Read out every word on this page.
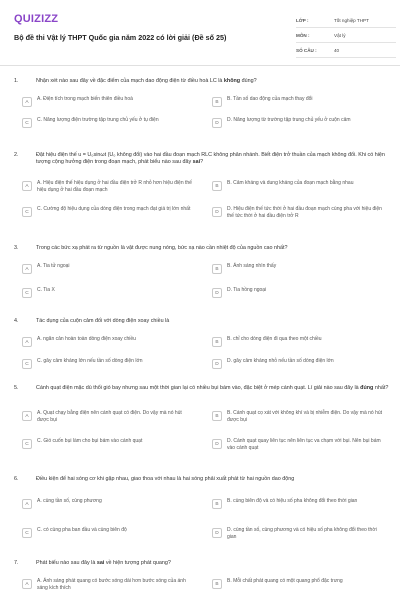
QUIZIZZ
Bộ đề thi Vật lý THPT Quốc gia năm 2022 có lời giải (Đề số 25)
LỚP :	Tốt nghiệp THPT
MÔN :	Vật lý
SỐ CÂU :	40
1.	Nhận xét nào sau đây về đặc điểm của mạch dao động điện từ điều hoà LC là không đúng?
2.	Đặt hiệu điện thế u = U₀sinωt (U₀ không đổi) vào hai đầu đoạn mạch RLC không phân nhánh. Biết điện trở thuần của mạch không đổi. Khi có hiện tượng cộng hưởng điện trong đoạn mạch, phát biểu nào sau đây sai?
3.	Trong các bức xạ phát ra từ nguồn là vật được nung nóng, bức xạ nào cần nhiệt độ của nguồn cao nhất?
4.	Tác dụng của cuộn cảm đối với dòng điện xoay chiều là
5.	Cánh quạt điện mặc dù thổi gió bay nhưng sau một thời gian lại có nhiều bụi bám vào, đặc biệt ở mép cánh quạt. Lí giải nào sau đây là đúng nhất?
6.	Điều kiện để hai sóng cơ khi gặp nhau, giao thoa với nhau là hai sóng phải xuất phát từ hai nguồn dao động
7.	Phát biểu nào sau đây là sai về hiện tượng phát quang?
A	A. Điện tích trong mạch biến thiên điều hoà	B	B. Tần số dao động của mạch thay đổi
C	C. Năng lượng điện trường tập trung chủ yếu ở tụ điện	D	D. Năng lượng từ trường tập trung chủ yếu ở cuộn cảm
A	A. Hiệu điện thế hiệu dụng ở hai đầu điện trở R nhỏ hơn hiệu điện thế hiệu dụng ở hai đầu đoạn mạch
B	B. Cảm kháng và dung kháng của đoạn mạch bằng nhau
C	C. Cường độ hiệu dụng của dòng điện trong mạch đạt giá trị lớn nhất	D	D. Hiệu điện thế tức thời ở hai đầu đoạn mạch cùng pha với hiệu điện thế tức thời ở hai đầu điện trở R
A	A. Tia tử ngoại	B	B. Ánh sáng nhìn thấy
C	C. Tia X	D	D. Tia hồng ngoại
A	A. ngăn cản hoàn toàn dòng điện xoay chiều	B	B. chỉ cho dòng điện đi qua theo một chiều
C	C. gây cảm kháng lớn nếu tần số dòng điện lớn	D	D. gây cảm kháng nhỏ nếu tần số dòng điện lớn
A	A. Quạt chạy bằng điện nên cánh quạt có điện. Do vậy mà nó hút được bụi
B	B. Cánh quạt cọ xát với không khí và bị nhiễm điện. Do vậy mà nó hút được bụi
C	C. Gió cuốn bụi làm cho bụi bám vào cánh quạt	D	D. Cánh quạt quay liên tục nên liên tục va chạm với bụi. Nên bụi bám vào cánh quạt
A	A. cùng tần số, cùng phương	B	B. cùng biên độ và có hiệu số pha không đổi theo thời gian
C	C. có cùng pha ban đầu và cùng biên độ	D	D. cùng tần số, cùng phương và có hiệu số pha không đổi theo thời gian
A	A. Ánh sáng phát quang có bước sóng dài hơn bước sóng của ánh sáng kích thích
B	B. Mỗi chất phát quang có một quang phổ đặc trưng
